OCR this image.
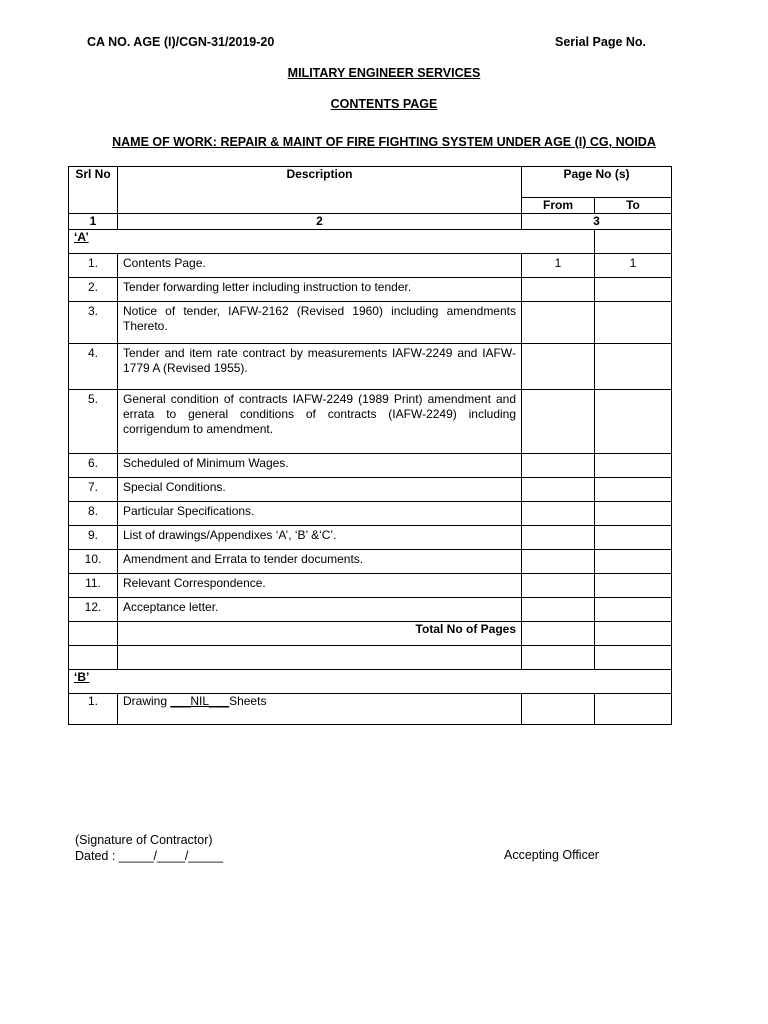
CA NO. AGE (I)/CGN-31/2019-20	Serial Page No.
MILITARY ENGINEER SERVICES
CONTENTS PAGE
NAME OF WORK: REPAIR & MAINT OF FIRE FIGHTING SYSTEM UNDER AGE (I) CG, NOIDA
Srl No	Description	Page No (s)	
		From	To
1	2	3	
‘A’			
1.	Contents Page.	1	1
2.	Tender forwarding letter including instruction to tender.		
3.	Notice of tender, IAFW-2162 (Revised 1960) including amendments Thereto.		
4.	Tender and item rate contract by measurements IAFW-2249 and IAFW-1779 A (Revised 1955).		
5.	General condition of contracts IAFW-2249 (1989 Print) amendment and errata to general conditions of contracts (IAFW-2249) including corrigendum to amendment.		
6.	Scheduled of Minimum Wages.		
7.	Special Conditions.		
8.	Particular Specifications.		
9.	List of drawings/Appendixes ‘A’, ‘B’ &‘C’.		
10.	Amendment and Errata to tender documents.		
11.	Relevant Correspondence.		
12.	Acceptance letter.		
	Total No of Pages		

‘B’			
1.	Drawing ___NIL___Sheets		
(Signature of Contractor)
Dated : _____/____/_____	Accepting Officer
